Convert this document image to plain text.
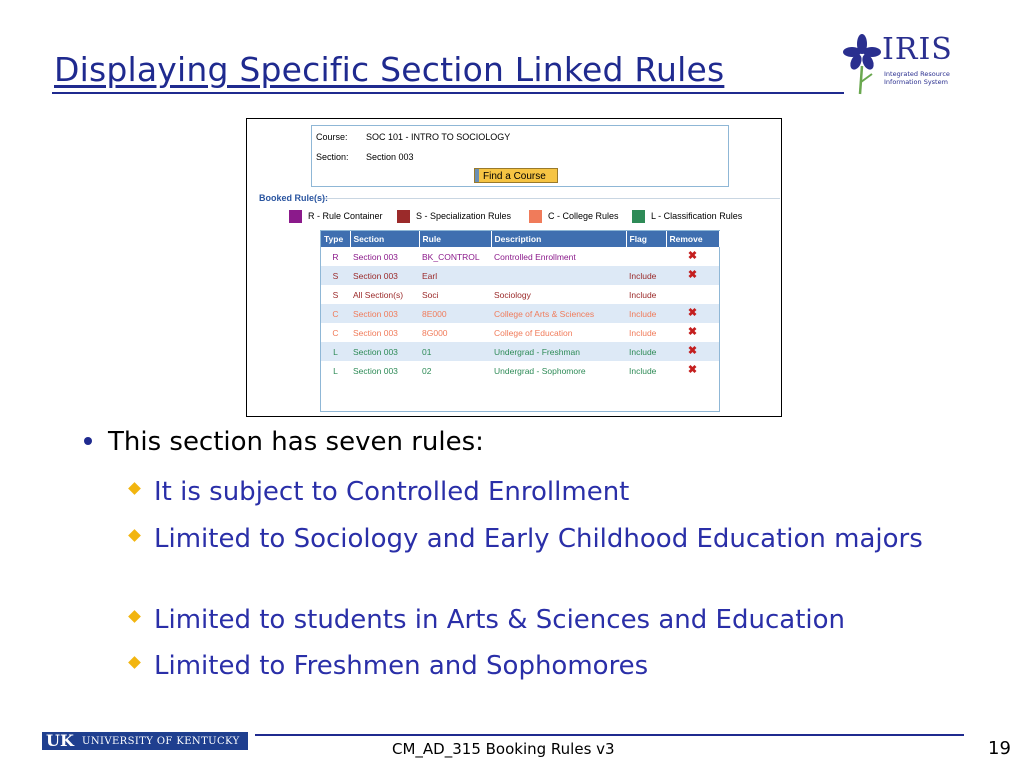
Displaying Specific Section Linked Rules
IRIS
Integrated Resource
Information System
Course: SOC 101 - INTRO TO SOCIOLOGY
Section: Section 003
Find a Course
Booked Rule(s):
R - Rule Container	S - Specialization Rules	C - College Rules	L - Classification Rules
Type	Section	Rule	Description	Flag	Remove
R	Section 003	BK_CONTROL	Controlled Enrollment		✖
S	Section 003	Earl		Include	✖
S	All Section(s)	Soci	Sociology	Include	
C	Section 003	8E000	College of Arts & Sciences	Include	✖
C	Section 003	8G000	College of Education	Include	✖
L	Section 003	01	Undergrad - Freshman	Include	✖
L	Section 003	02	Undergrad - Sophomore	Include	✖
This section has seven rules:
It is subject to Controlled Enrollment
Limited to Sociology and Early Childhood Education majors
Limited to students in Arts & Sciences and Education
Limited to Freshmen and Sophomores
UK UNIVERSITY OF KENTUCKY	CM_AD_315 Booking Rules v3	19
